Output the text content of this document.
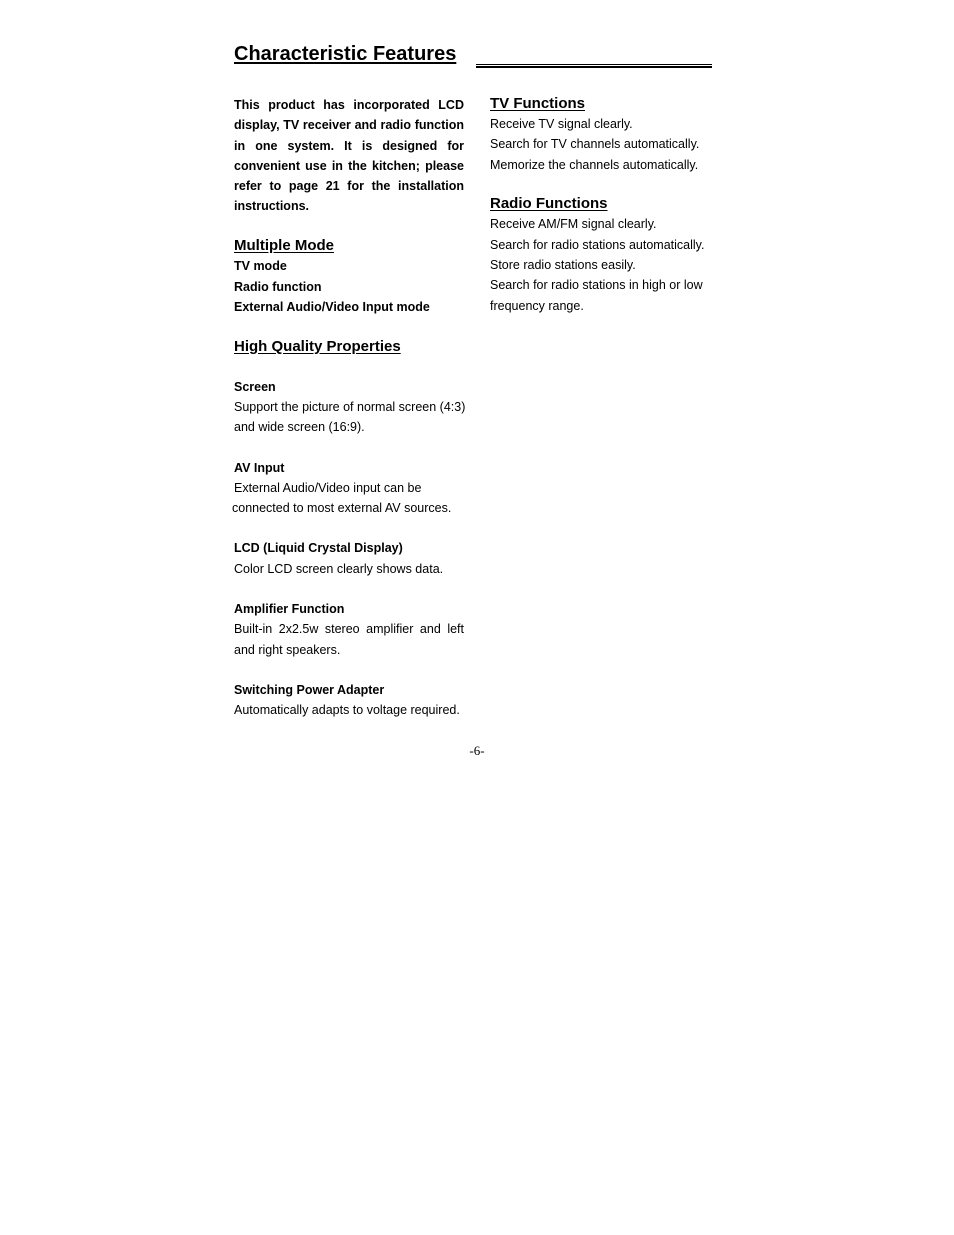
Characteristic Features

This product has incorporated LCD display, TV receiver and radio function in one system. It is designed for convenient use in the kitchen; please refer to page 21 for the installation instructions.

Multiple Mode

TV mode

Radio function

External Audio/Video Input mode

High Quality Properties

Screen

Support the picture of normal screen (4:3)

and wide screen (16:9).

AV Input

External Audio/Video input can be

connected to most external AV sources.

LCD (Liquid Crystal Display)

Color LCD screen clearly shows data.

Amplifier Function

Built-in 2x2.5w stereo amplifier and left and right speakers.

Switching Power Adapter

Automatically adapts to voltage required.

TV Functions

Receive TV signal clearly.

Search for TV channels automatically.

Memorize the channels automatically.

Radio Functions

Receive AM/FM signal clearly.

Search for radio stations automatically.

Store radio stations easily.

Search for radio stations in high or low

frequency range.

-6-
